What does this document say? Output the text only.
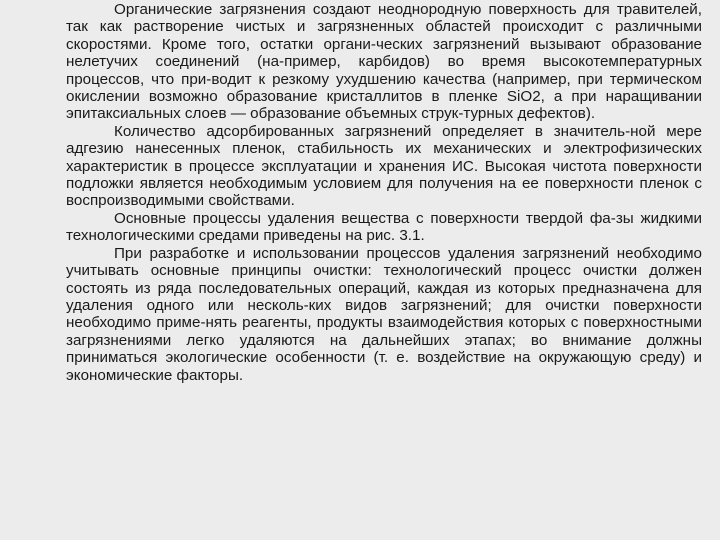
Органические загрязнения создают неоднородную поверхность для травителей, так как растворение чистых и загрязненных областей происходит с различными скоростями. Кроме того, остатки органи-ческих загрязнений вызывают образование нелетучих соединений (на-пример, карбидов) во время высокотемпературных процессов, что при-водит к резкому ухудшению качества (например, при термическом окислении возможно образование кристаллитов в пленке SiО2, а при наращивании эпитаксиальных слоев — образование объемных струк-турных дефектов).

Количество адсорбированных загрязнений определяет в значитель-ной мере адгезию нанесенных пленок, стабильность их механических и электрофизических характеристик в процессе эксплуатации и хранения ИС. Высокая чистота поверхности подложки является необходимым условием для получения на ее поверхности пленок с воспроизводимыми свойствами.

Основные процессы удаления вещества с поверхности твердой фа-зы жидкими технологическими средами приведены на рис. 3.1.

При разработке и использовании процессов удаления загрязнений необходимо учитывать основные принципы очистки: технологический процесс очистки должен состоять из ряда последовательных операций, каждая из которых предназначена для удаления одного или несколь-ких видов загрязнений; для очистки поверхности необходимо приме-нять реагенты, продукты взаимодействия которых с поверхностными загрязнениями легко удаляются на дальнейших этапах; во внимание должны приниматься экологические особенности (т. е. воздействие на окружающую среду) и экономические факторы.
